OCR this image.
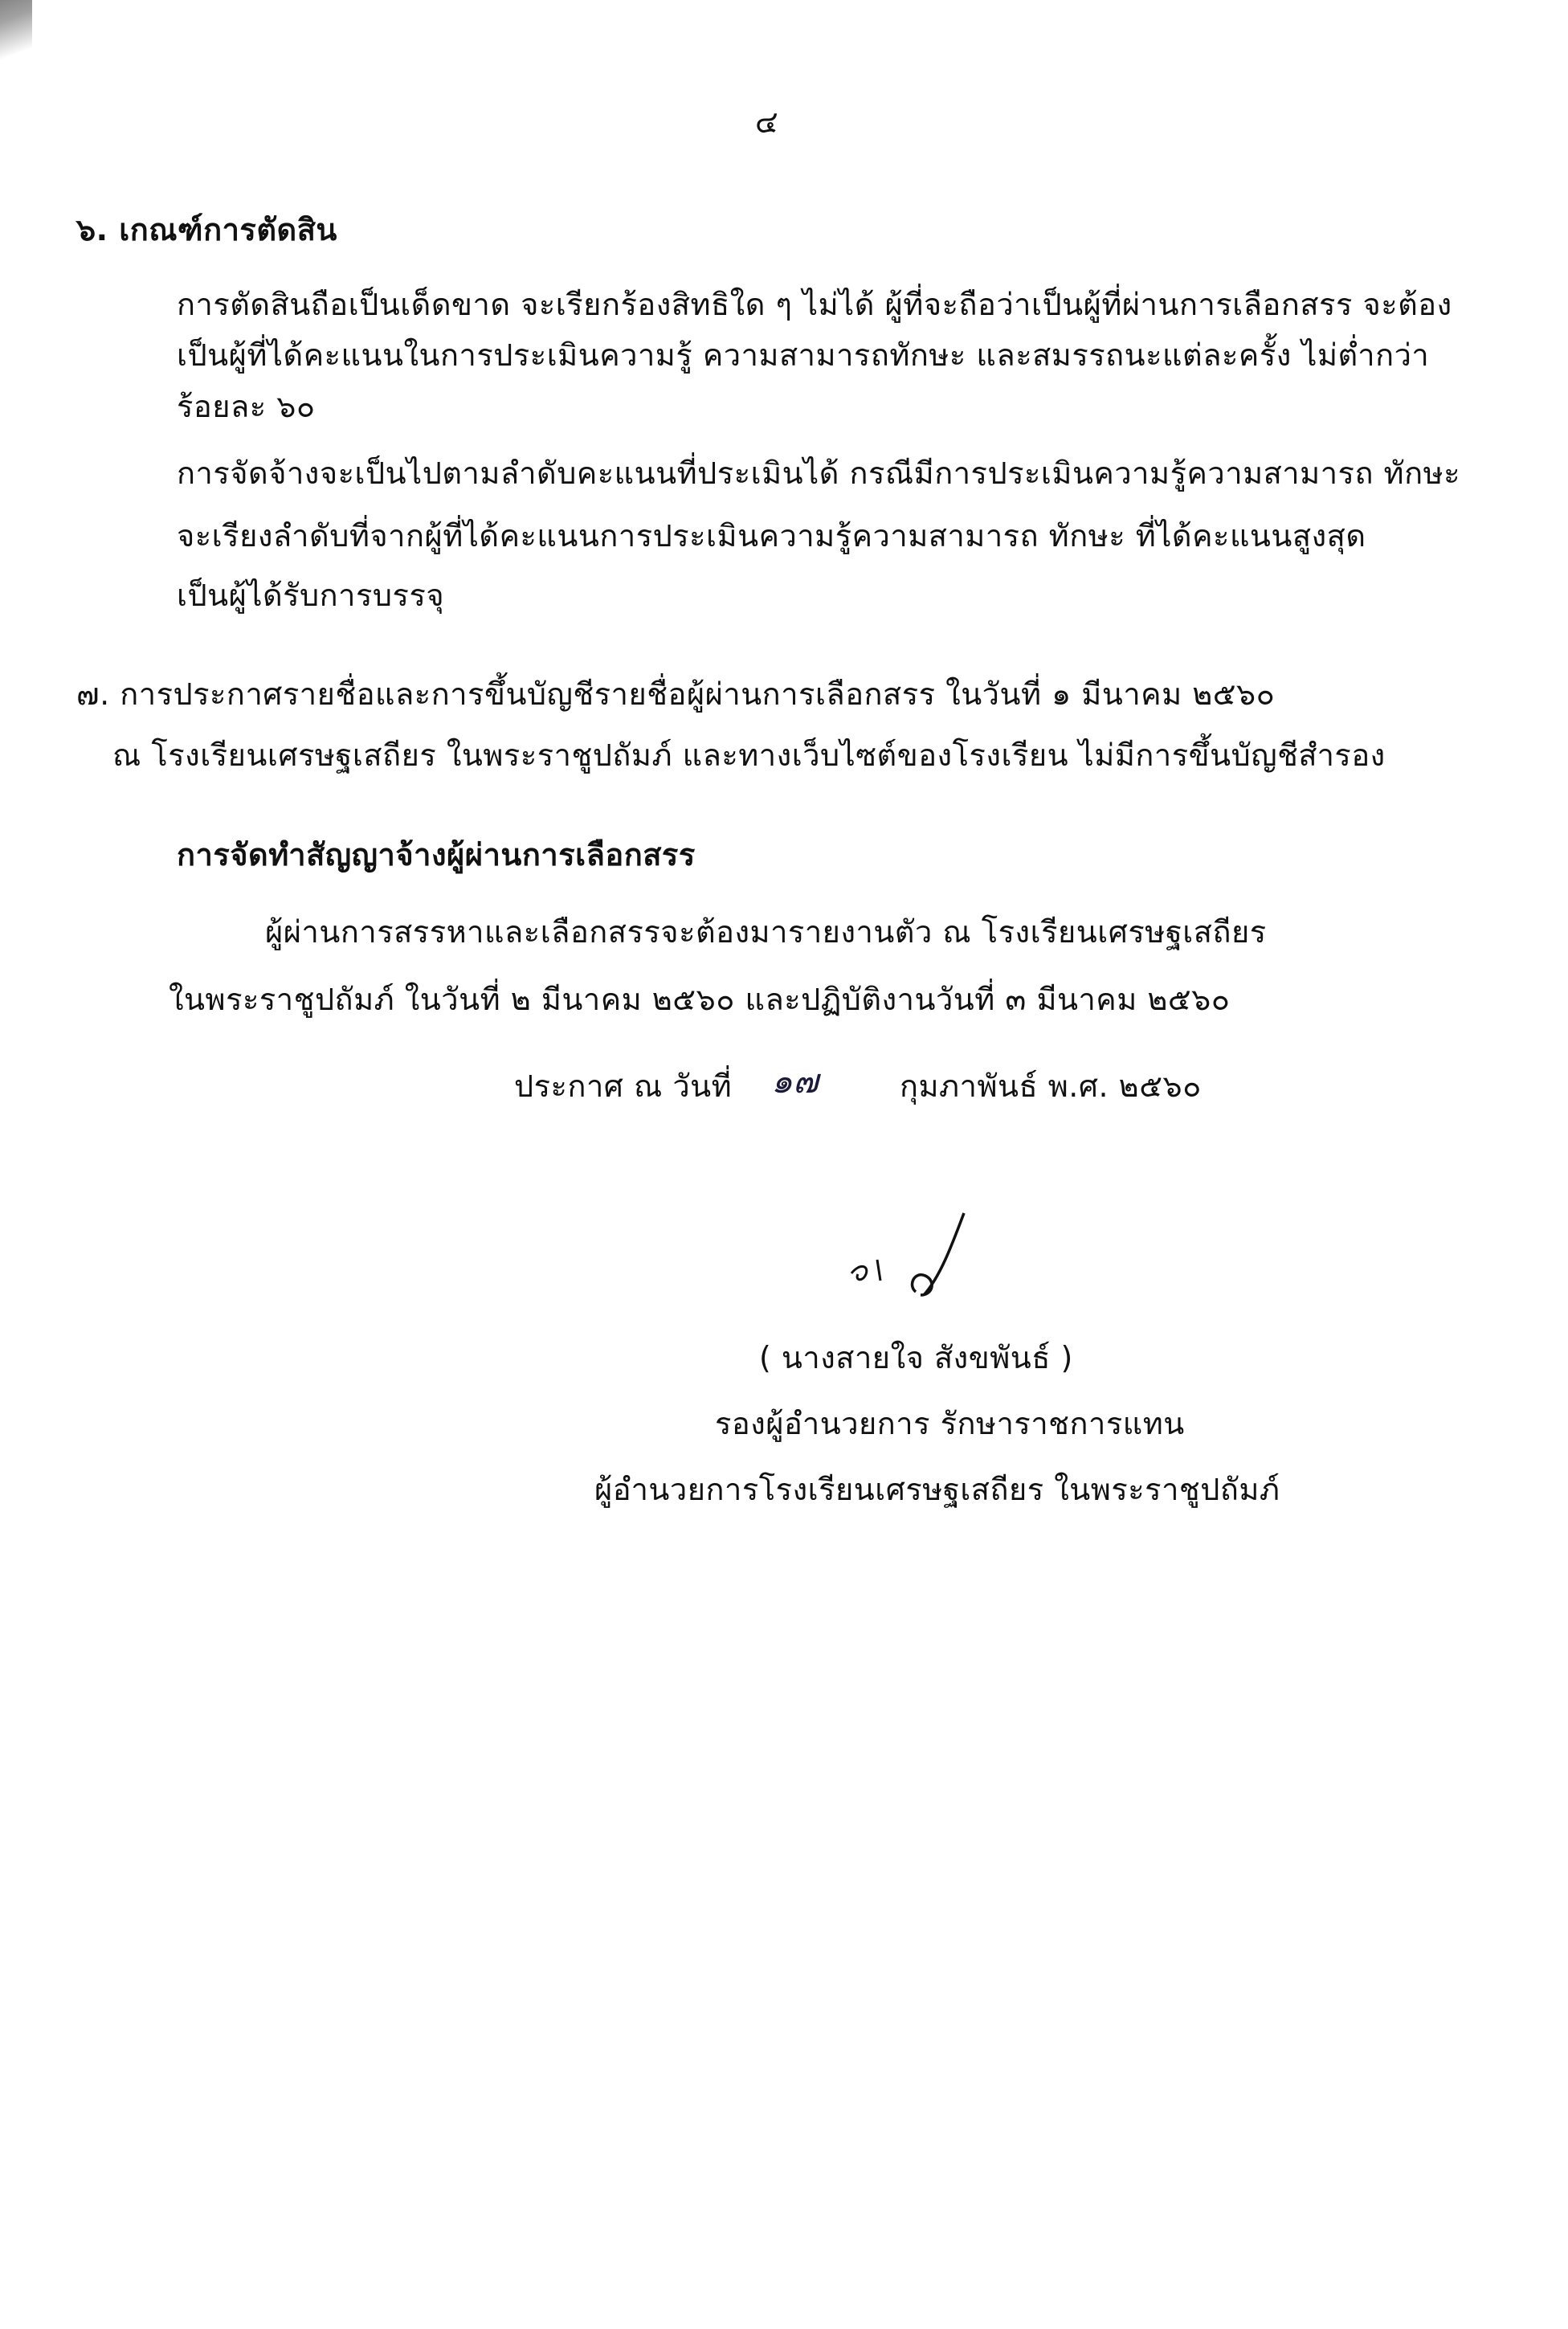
๔
๖. เกณฑ์การตัดสิน
การตัดสินถือเป็นเด็ดขาด จะเรียกร้องสิทธิใด ๆ ไม่ได้ ผู้ที่จะถือว่าเป็นผู้ที่ผ่านการเลือกสรร จะต้อง
เป็นผู้ที่ได้คะแนนในการประเมินความรู้ ความสามารถทักษะ และสมรรถนะแต่ละครั้ง ไม่ต่ำกว่า
ร้อยละ ๖๐
การจัดจ้างจะเป็นไปตามลำดับคะแนนที่ประเมินได้ กรณีมีการประเมินความรู้ความสามารถ ทักษะ
จะเรียงลำดับที่จากผู้ที่ได้คะแนนการประเมินความรู้ความสามารถ ทักษะ ที่ได้คะแนนสูงสุด
เป็นผู้ได้รับการบรรจุ
๗. การประกาศรายชื่อและการขึ้นบัญชีรายชื่อผู้ผ่านการเลือกสรร ในวันที่ ๑ มีนาคม ๒๕๖๐
ณ โรงเรียนเศรษฐเสถียร ในพระราชูปถัมภ์ และทางเว็บไซต์ของโรงเรียน ไม่มีการขึ้นบัญชีสำรอง
การจัดทำสัญญาจ้างผู้ผ่านการเลือกสรร
ผู้ผ่านการสรรหาและเลือกสรรจะต้องมารายงานตัว ณ โรงเรียนเศรษฐเสถียร
ในพระราชูปถัมภ์ ในวันที่ ๒ มีนาคม ๒๕๖๐ และปฏิบัติงานวันที่ ๓ มีนาคม ๒๕๖๐
ประกาศ ณ วันที่ ๑๗	กุมภาพันธ์ พ.ศ. ๒๕๖๐
( นางสายใจ สังขพันธ์ )
รองผู้อำนวยการ รักษาราชการแทน
ผู้อำนวยการโรงเรียนเศรษฐเสถียร ในพระราชูปถัมภ์
